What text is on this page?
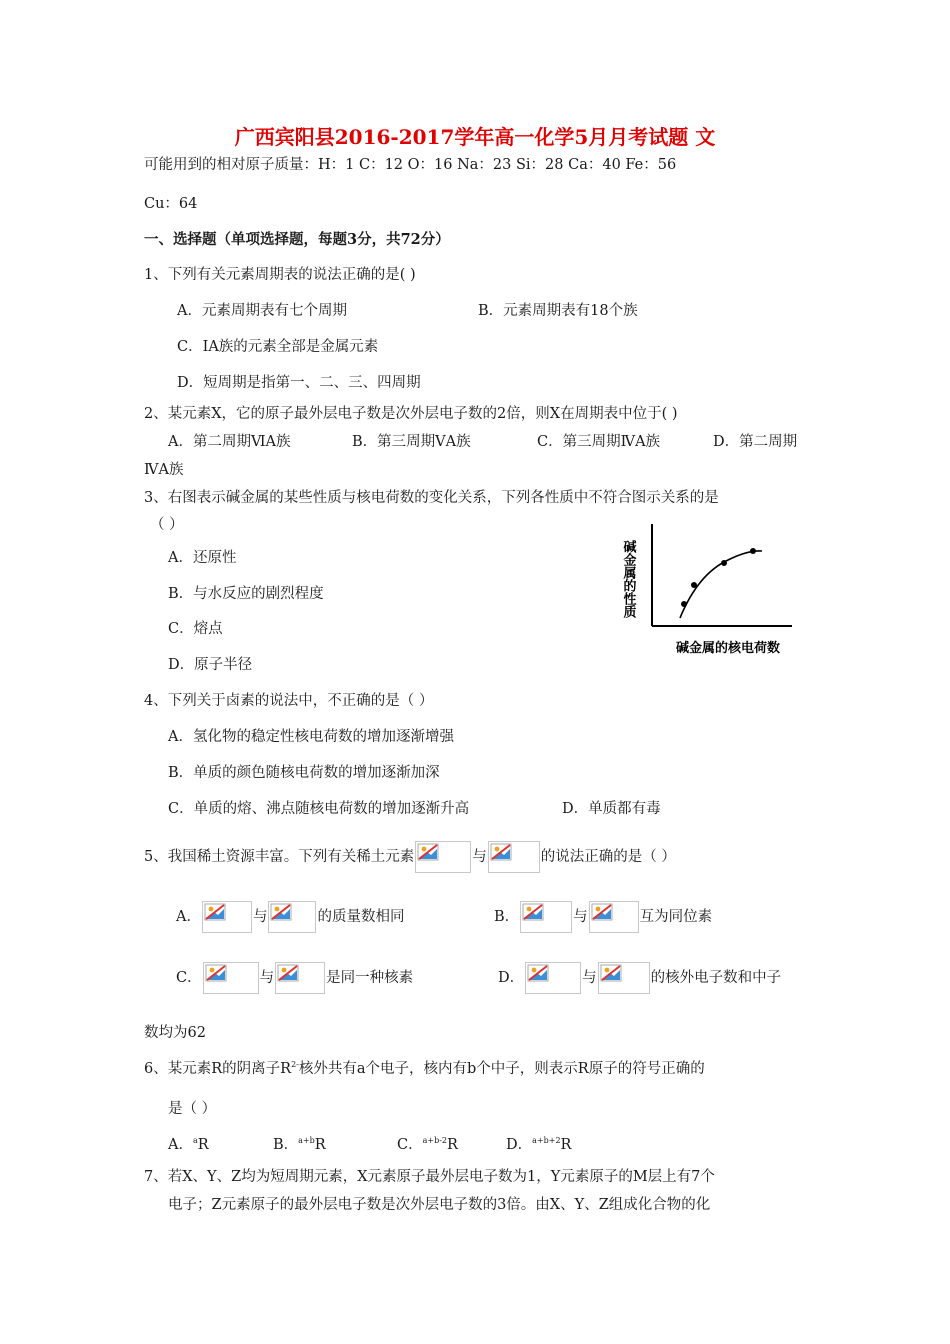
广西宾阳县2016-2017学年高一化学5月月考试题 文
可能用到的相对原子质量：H：1 C：12 O：16 Na：23 Si：28 Ca：40 Fe：56
Cu：64
一、选择题（单项选择题，每题3分，共72分）
1、下列有关元素周期表的说法正确的是( )
A．元素周期表有七个周期	B．元素周期表有18个族
C．ⅠA族的元素全部是金属元素
D．短周期是指第一、二、三、四周期
2、某元素X，它的原子最外层电子数是次外层电子数的2倍，则X在周期表中位于( )
A．第二周期ⅥA族	B．第三周期ⅤA族	C．第三周期ⅣA族	D．第二周期
ⅣA族
3、右图表示碱金属的某些性质与核电荷数的变化关系，下列各性质中不符合图示关系的是
（ ）
A．还原性
B．与水反应的剧烈程度
C．熔点
D．原子半径
碱金属的性质
碱金属的核电荷数
4、下列关于卤素的说法中，不正确的是（ ）
A．氢化物的稳定性核电荷数的增加逐渐增强
B．单质的颜色随核电荷数的增加逐渐加深
C．单质的熔、沸点随核电荷数的增加逐渐升高	D．单质都有毒
5、我国稀土资源丰富。下列有关稀土元素	与	的说法正确的是（ ）
A．	与	的质量数相同	B．	与	互为同位素
C．	与	是同一种核素	D．	与	的核外电子数和中子
数均为62
6、某元素R的阴离子$R^{2-}$核外共有a个电子，核内有b个中子，则表示R原子的符号正确的
是（ ）
A．$^a$R	B．$^{a+b}$R	C．$^{a+b-2}$R	D．$^{a+b+2}$R
7、若X、Y、Z均为短周期元素，X元素原子最外层电子数为1，Y元素原子的M层上有7个
电子；Z元素原子的最外层电子数是次外层电子数的3倍。由X、Y、Z组成化合物的化
